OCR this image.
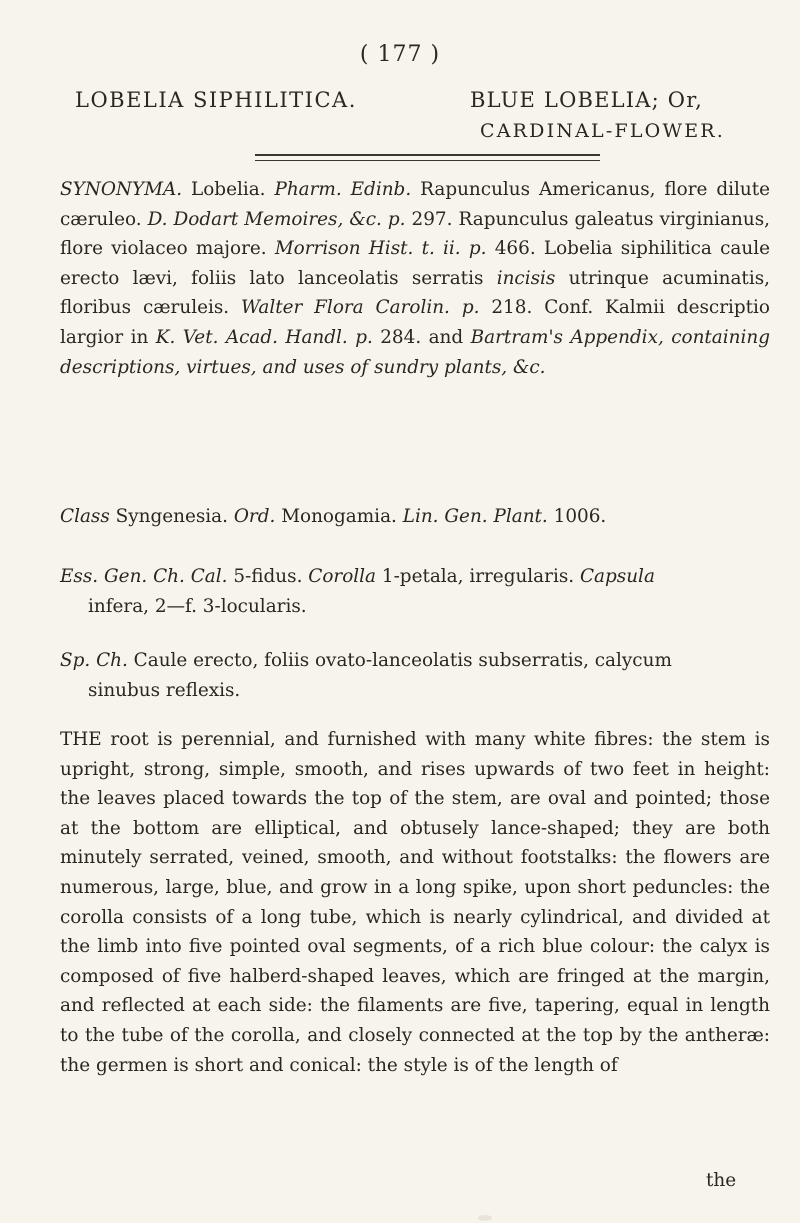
( 177 )
LOBELIA SIPHILITICA.	BLUE LOBELIA; Or,
CARDINAL-FLOWER.

SYNONYMA. Lobelia. Pharm. Edinb. Rapunculus Americanus, flore dilute cæruleo. D. Dodart Memoires, &c. p. 297. Rapunculus galeatus virginianus, flore violaceo majore. Morrison Hist. t. ii. p. 466. Lobelia siphilitica caule erecto lævi, foliis lato lanceolatis serratis incisis utrinque acuminatis, floribus cæruleis. Walter Flora Carolin. p. 218. Conf. Kalmii descriptio largior in K. Vet. Acad. Handl. p. 284. and Bartram's Appendix, containing descriptions, virtues, and uses of sundry plants, &c.

Class Syngenesia. Ord. Monogamia. Lin. Gen. Plant. 1006.

Ess. Gen. Ch. Cal. 5-fidus. Corolla 1-petala, irregularis. Capsula

infera, 2—f. 3-locularis.

Sp. Ch. Caule erecto, foliis ovato-lanceolatis subserratis, calycum

sinubus reflexis.

THE root is perennial, and furnished with many white fibres: the stem is upright, strong, simple, smooth, and rises upwards of two feet in height: the leaves placed towards the top of the stem, are oval and pointed; those at the bottom are elliptical, and obtusely lance-shaped; they are both minutely serrated, veined, smooth, and without footstalks: the flowers are numerous, large, blue, and grow in a long spike, upon short peduncles: the corolla consists of a long tube, which is nearly cylindrical, and divided at the limb into five pointed oval segments, of a rich blue colour: the calyx is composed of five halberd-shaped leaves, which are fringed at the margin, and reflected at each side: the filaments are five, tapering, equal in length to the tube of the corolla, and closely connected at the top by the antheræ: the germen is short and conical: the style is of the length of

the
